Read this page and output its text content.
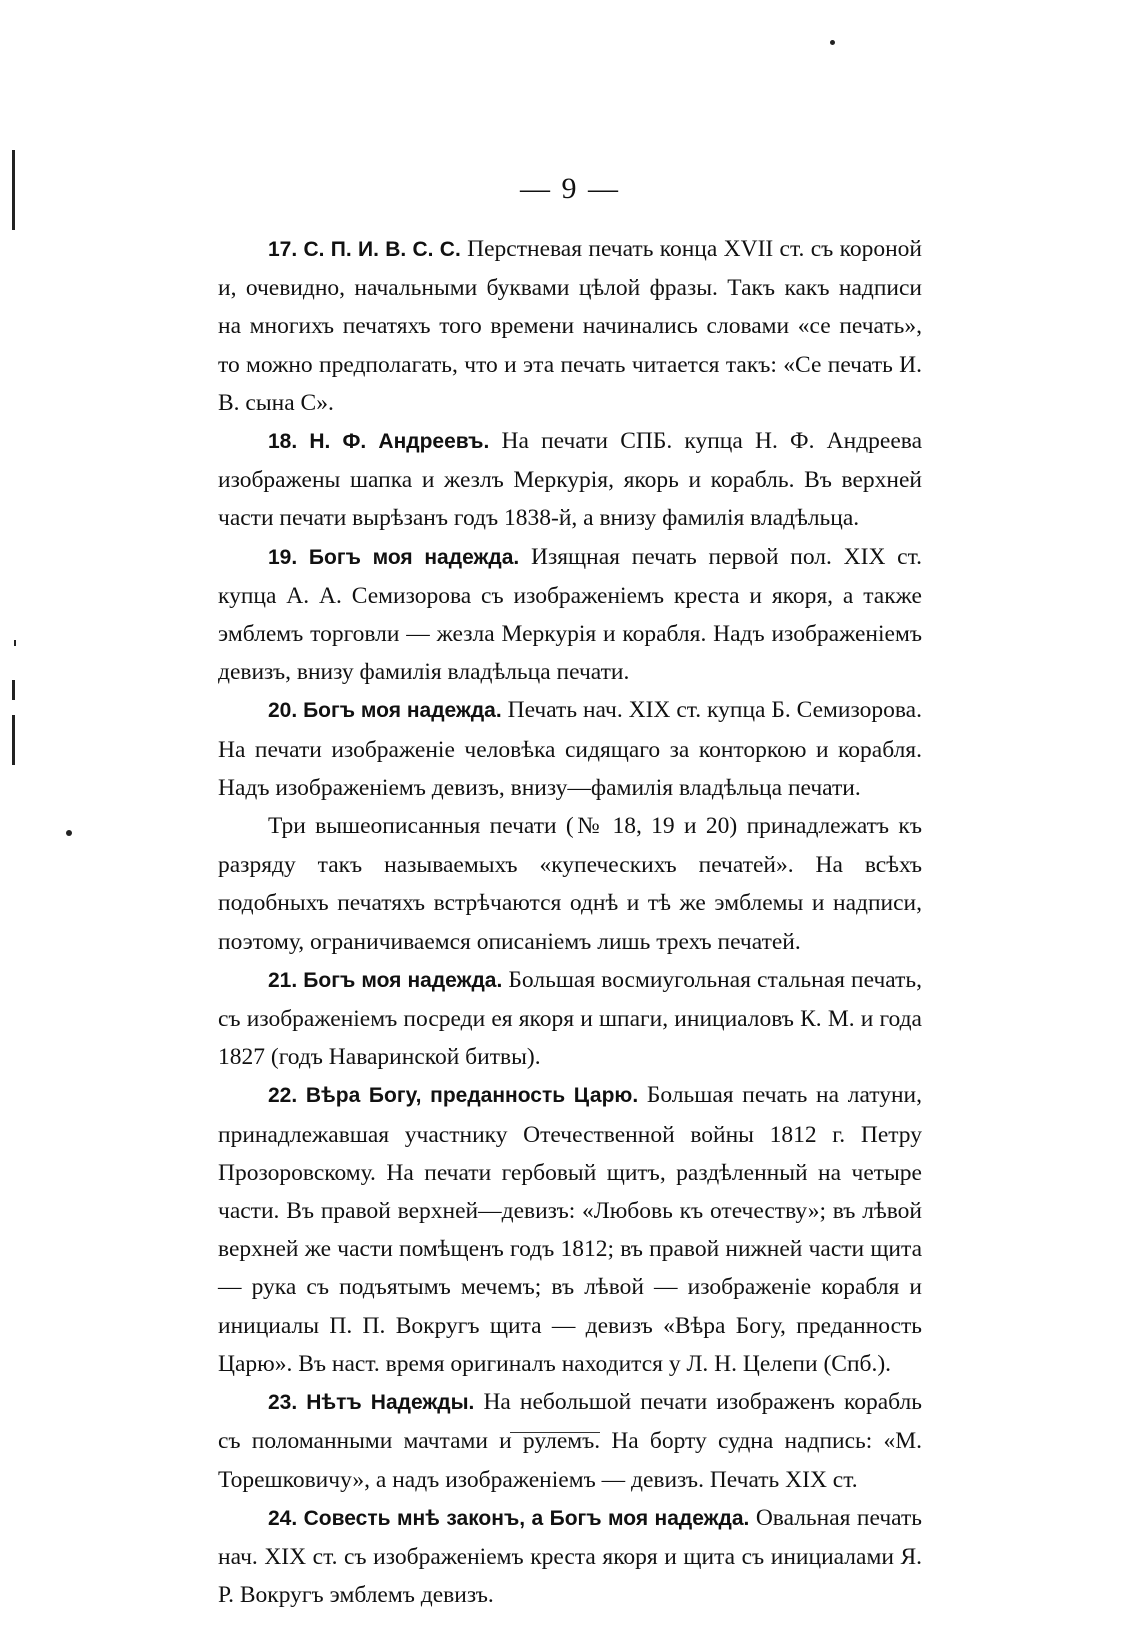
— 9 —

17. С. П. И. В. С. С. Перстневая печать конца XVII ст. съ короной и, очевидно, начальными буквами цѣлой фразы. Такъ какъ надписи на многихъ печатяхъ того времени начинались словами «се печать», то можно предполагать, что и эта печать читается такъ: «Се печать И. В. сына С».

18. Н. Ф. Андреевъ. На печати СПБ. купца Н. Ф. Андреева изображены шапка и жезлъ Меркурія, якорь и корабль. Въ верхней части печати вырѣзанъ годъ 1838-й, а внизу фамилія владѣльца.

19. Богъ моя надежда. Изящная печать первой пол. XIX ст. купца А. А. Семизорова съ изображеніемъ креста и якоря, а также эмблемъ торговли — жезла Меркурія и корабля. Надъ изображеніемъ девизъ, внизу фамилія владѣльца печати.

20. Богъ моя надежда. Печать нач. XIX ст. купца Б. Семизорова. На печати изображеніе человѣка сидящаго за конторкою и корабля. Надъ изображеніемъ девизъ, внизу—фамилія владѣльца печати.

Три вышеописанныя печати (№ 18, 19 и 20) принадлежатъ къ разряду такъ называемыхъ «купеческихъ печатей». На всѣхъ подобныхъ печатяхъ встрѣчаются однѣ и тѣ же эмблемы и надписи, поэтому, ограничиваемся описаніемъ лишь трехъ печатей.

21. Богъ моя надежда. Большая восмиугольная стальная печать, съ изображеніемъ посреди ея якоря и шпаги, инициаловъ К. М. и года 1827 (годъ Наваринской битвы).

22. Вѣра Богу, преданность Царю. Большая печать на латуни, принадлежавшая участнику Отечественной войны 1812 г. Петру Прозоровскому. На печати гербовый щитъ, раздѣленный на четыре части. Въ правой верхней—девизъ: «Любовь къ отечеству»; въ лѣвой верхней же части помѣщенъ годъ 1812; въ правой нижней части щита — рука съ подъятымъ мечемъ; въ лѣвой — изображеніе корабля и инициалы П. П. Вокругъ щита — девизъ «Вѣра Богу, преданность Царю». Въ наст. время оригиналъ находится у Л. Н. Целепи (Спб.).

23. Нѣтъ Надежды. На небольшой печати изображенъ корабль съ поломанными мачтами и рулемъ. На борту судна надпись: «М. Торешковичу», а надъ изображеніемъ — девизъ. Печать XIX ст.

24. Совесть мнѣ законъ, а Богъ моя надежда. Овальная печать нач. XIX ст. съ изображеніемъ креста якоря и щита съ инициалами Я. Р. Вокругъ эмблемъ девизъ.
